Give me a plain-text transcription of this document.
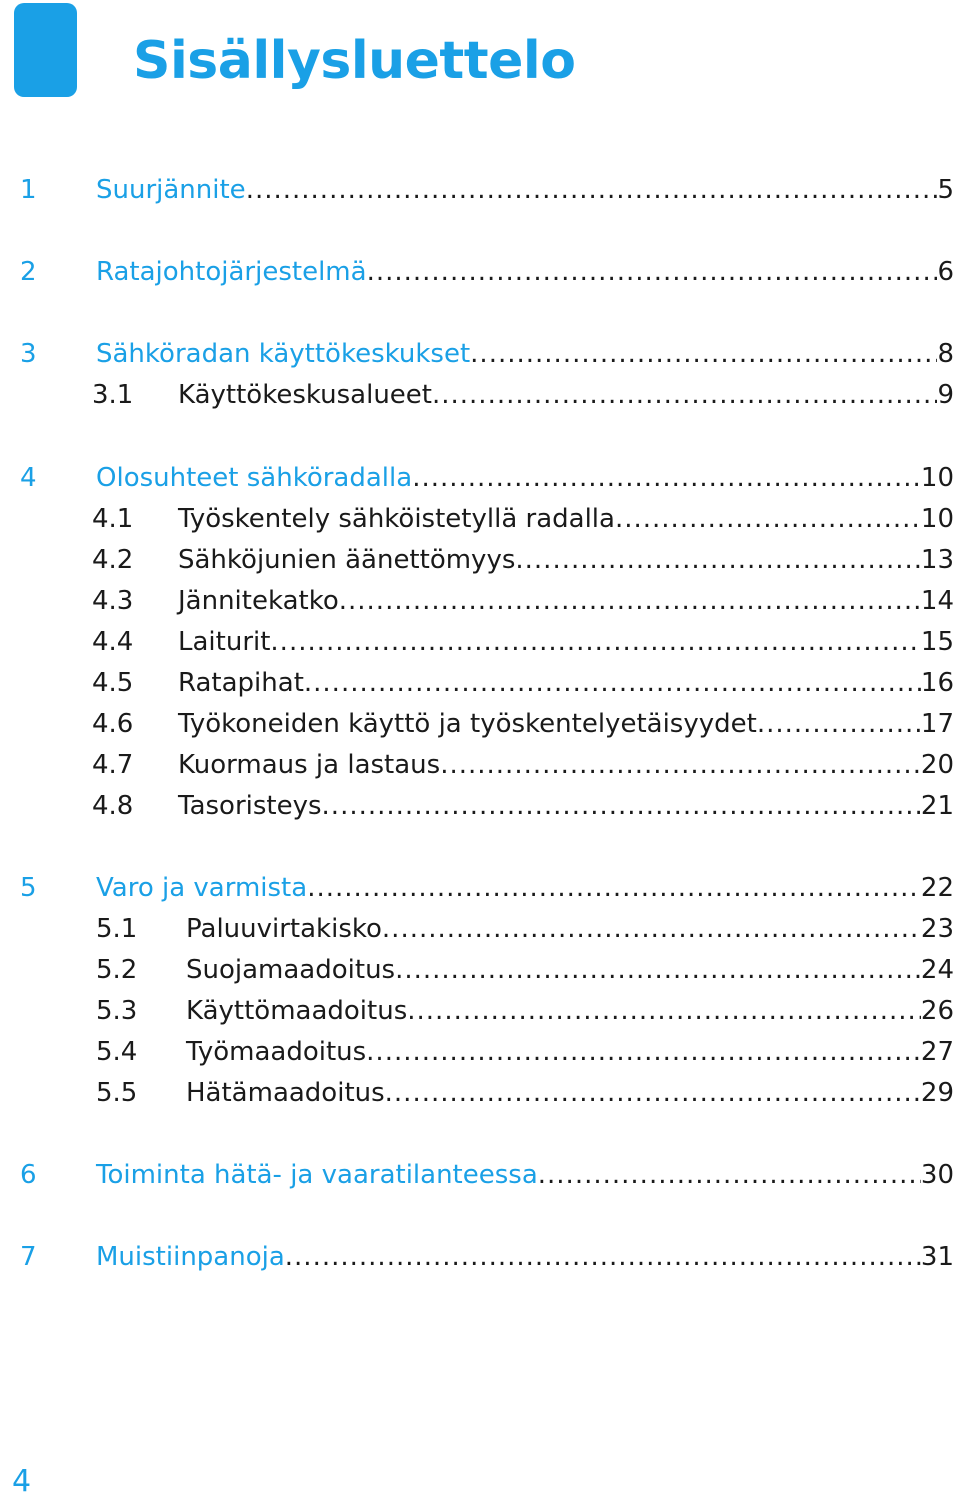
Sisällysluettelo
1 Suurjännite .....	5
2 Ratajohtojärjestelmä .....	6
3 Sähköradan käyttökeskukset .....	8
3.1 Käyttökeskusalueet .....	9
4 Olosuhteet sähköradalla .....	10
4.1 Työskentely sähköistetyllä radalla .....	10
4.2 Sähköjunien äänettömyys .....	13
4.3 Jännitekatko .....	14
4.4 Laiturit .....	15
4.5 Ratapihat .....	16
4.6 Työkoneiden käyttö ja työskentelyetäisyydet .....	17
4.7 Kuormaus ja lastaus .....	20
4.8 Tasoristeys .....	21
5 Varo ja varmista .....	22
5.1 Paluuvirtakisko .....	23
5.2 Suojamaadoitus .....	24
5.3 Käyttömaadoitus .....	26
5.4 Työmaadoitus .....	27
5.5 Hätämaadoitus .....	29
6 Toiminta hätä- ja vaaratilanteessa .....	30
7 Muistiinpanoja .....	31
4
